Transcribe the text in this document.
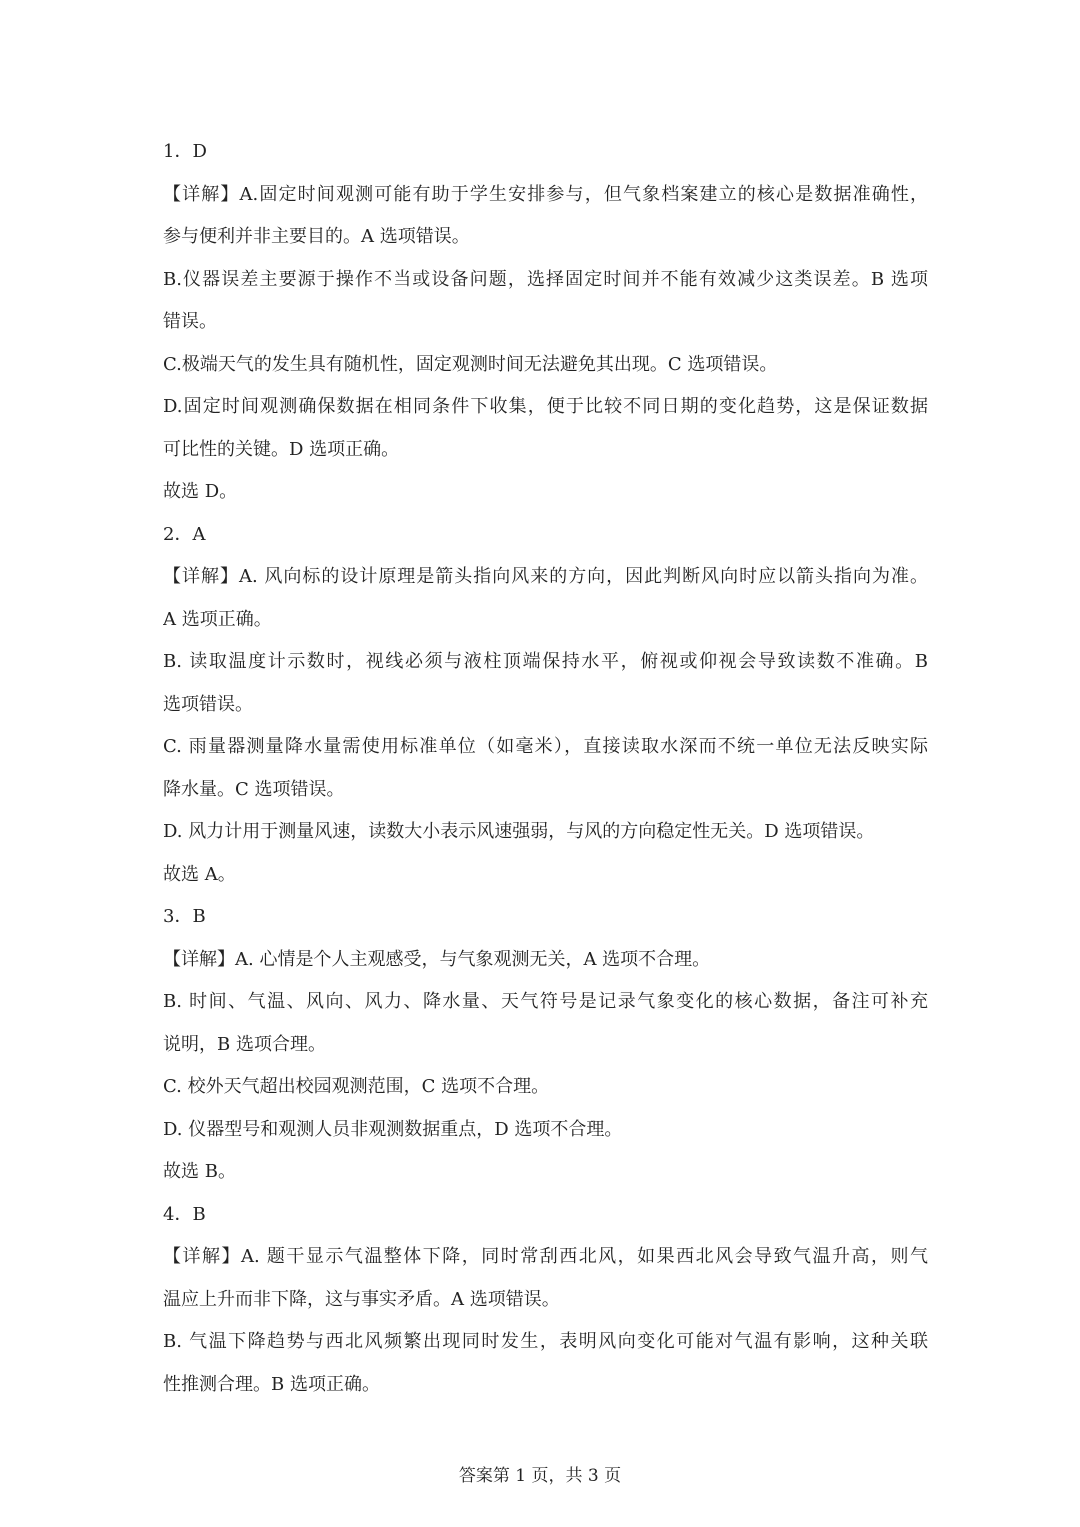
1．D
【详解】A.固定时间观测可能有助于学生安排参与，但气象档案建立的核心是数据准确性，
参与便利并非主要目的。A 选项错误。
B.仪器误差主要源于操作不当或设备问题，选择固定时间并不能有效减少这类误差。B 选项
错误。
C.极端天气的发生具有随机性，固定观测时间无法避免其出现。C 选项错误。
D.固定时间观测确保数据在相同条件下收集，便于比较不同日期的变化趋势，这是保证数据
可比性的关键。D 选项正确。
故选 D。
2．A
【详解】A. 风向标的设计原理是箭头指向风来的方向，因此判断风向时应以箭头指向为准。
A 选项正确。
B. 读取温度计示数时，视线必须与液柱顶端保持水平，俯视或仰视会导致读数不准确。B
选项错误。
C. 雨量器测量降水量需使用标准单位（如毫米），直接读取水深而不统一单位无法反映实际
降水量。C 选项错误。
D. 风力计用于测量风速，读数大小表示风速强弱，与风的方向稳定性无关。D 选项错误。
故选 A。
3．B
【详解】A. 心情是个人主观感受，与气象观测无关，A 选项不合理。
B. 时间、气温、风向、风力、降水量、天气符号是记录气象变化的核心数据，备注可补充
说明，B 选项合理。
C. 校外天气超出校园观测范围，C 选项不合理。
D. 仪器型号和观测人员非观测数据重点，D 选项不合理。
故选 B。
4．B
【详解】A. 题干显示气温整体下降，同时常刮西北风，如果西北风会导致气温升高，则气
温应上升而非下降，这与事实矛盾。A 选项错误。
B. 气温下降趋势与西北风频繁出现同时发生，表明风向变化可能对气温有影响，这种关联
性推测合理。B 选项正确。
答案第 1 页，共 3 页
